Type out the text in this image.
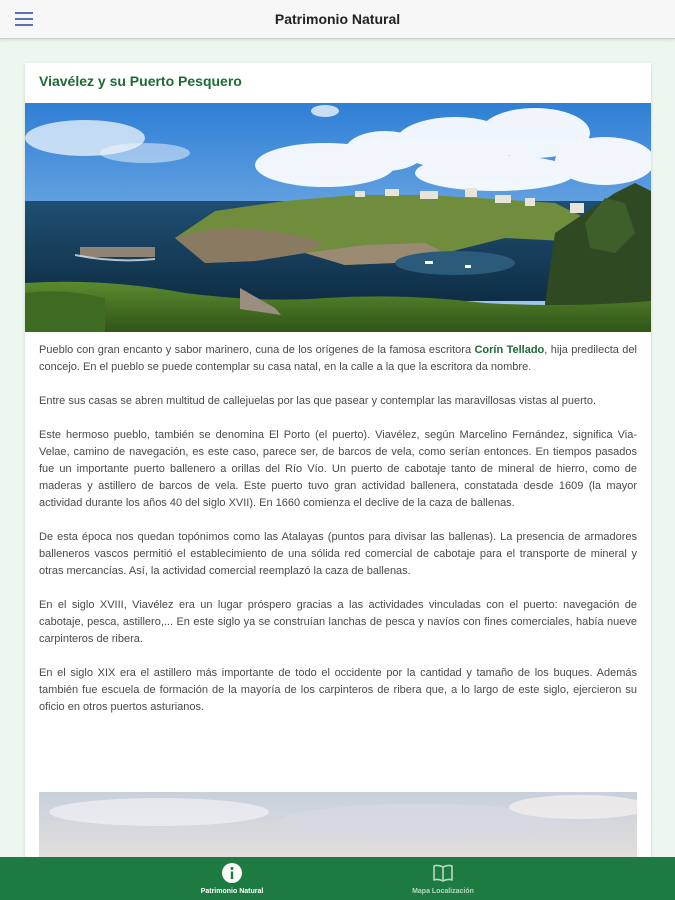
Patrimonio Natural
Viavélez y su Puerto Pesquero

Pueblo con gran encanto y sabor marinero, cuna de los orígenes de la famosa escritora Corín Tellado, hija predilecta del concejo. En el pueblo se puede contemplar su casa natal, en la calle a la que la escritora da nombre.

Entre sus casas se abren multitud de callejuelas por las que pasear y contemplar las maravillosas vistas al puerto.

Este hermoso pueblo, también se denomina El Porto (el puerto). Viavélez, según Marcelino Fernández, significa Via-Velae, camino de navegación, es este caso, parece ser, de barcos de vela, como serían entonces. En tiempos pasados fue un importante puerto ballenero a orillas del Río Vío. Un puerto de cabotaje tanto de mineral de hierro, como de maderas y astillero de barcos de vela. Este puerto tuvo gran actividad ballenera, constatada desde 1609 (la mayor actividad durante los años 40 del siglo XVII). En 1660 comienza el declive de la caza de ballenas.

De esta época nos quedan topónimos como las Atalayas (puntos para divisar las ballenas). La presencia de armadores balleneros vascos permitió el establecimiento de una sólida red comercial de cabotaje para el transporte de mineral y otras mercancías. Así, la actividad comercial reemplazó la caza de ballenas.

En el siglo XVIII, Viavélez era un lugar próspero gracias a las actividades vinculadas con el puerto: navegación de cabotaje, pesca, astillero,... En este siglo ya se construían lanchas de pesca y navíos con fines comerciales, había nueve carpinteros de ribera.

En el siglo XIX era el astillero más importante de todo el occidente por la cantidad y tamaño de los buques. Además también fue escuela de formación de la mayoría de los carpinteros de ribera que, a lo largo de este siglo, ejercieron su oficio en otros puertos asturianos.

Patrimonio Natural	Mapa Localización
